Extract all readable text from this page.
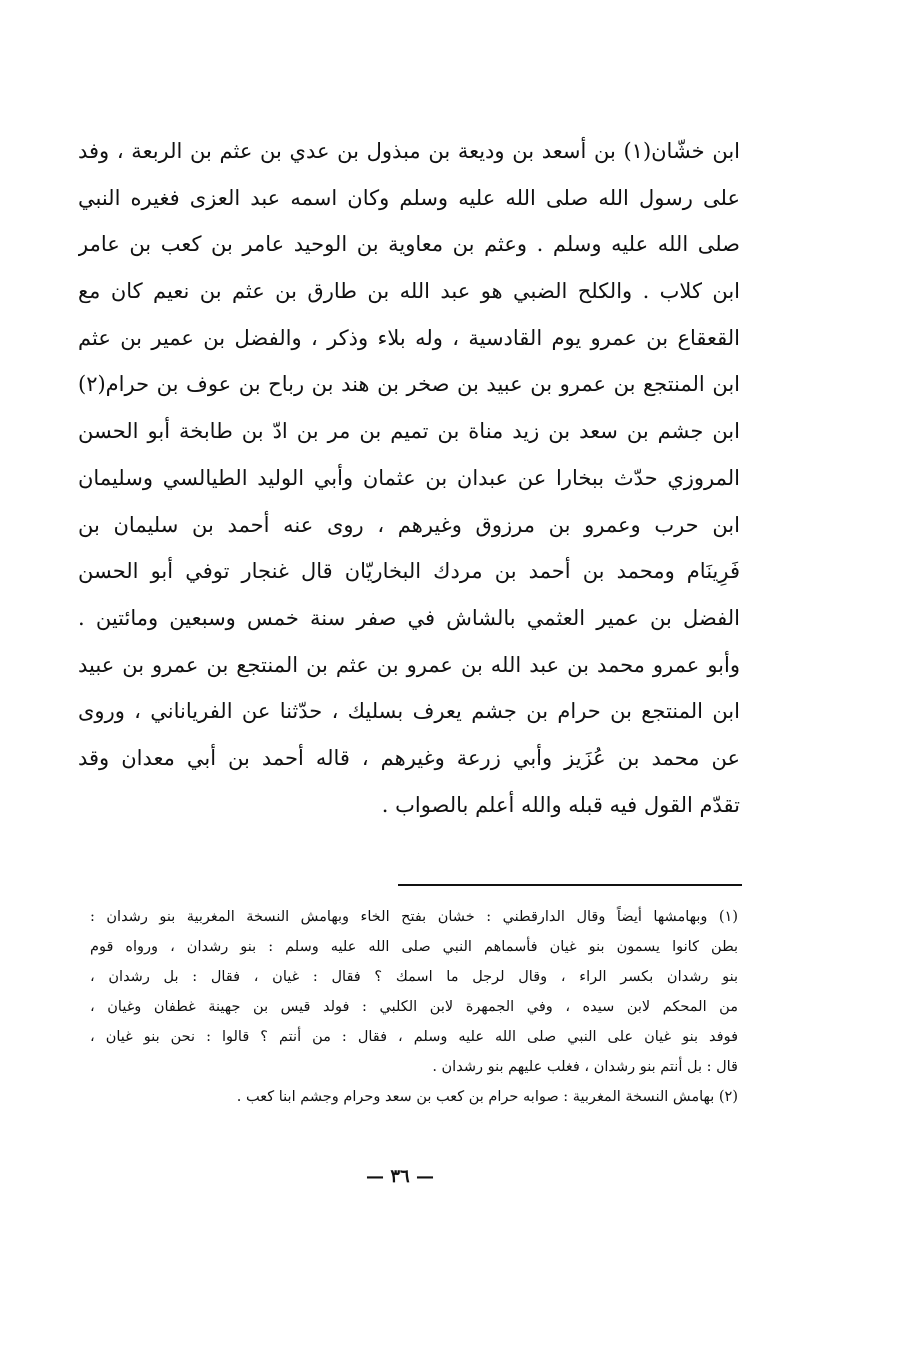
ابن خشّان(١) بن أسعد بن وديعة بن مبذول بن عدي بن عثم بن الربعة ، وفد
على رسول الله صلى الله عليه وسلم وكان اسمه عبد العزى فغيره النبي
صلى الله عليه وسلم . وعثم بن معاوية بن الوحيد عامر بن كعب بن عامر
ابن كلاب . والكلح الضبي هو عبد الله بن طارق بن عثم بن نعيم كان مع
القعقاع بن عمرو يوم القادسية ، وله بلاء وذكر ، والفضل بن عمير بن عثم
ابن المنتجع بن عمرو بن عبيد بن صخر بن هند بن رباح بن عوف بن حرام(٢)
ابن جشم بن سعد بن زيد مناة بن تميم بن مر بن ادّ بن طابخة أبو الحسن
المروزي حدّث ببخارا عن عبدان بن عثمان وأبي الوليد الطيالسي وسليمان
ابن حرب وعمرو بن مرزوق وغيرهم ، روى عنه أحمد بن سليمان بن
فَرِينَام ومحمد بن أحمد بن مردك البخاريّان قال غنجار توفي أبو الحسن
الفضل بن عمير العثمي بالشاش في صفر سنة خمس وسبعين ومائتين .
وأبو عمرو محمد بن عبد الله بن عمرو بن عثم بن المنتجع بن عمرو بن عبيد
ابن المنتجع بن حرام بن جشم يعرف بسليك ، حدّثنا عن الفرياناني ، وروى
عن محمد بن عُزَيز وأبي زرعة وغيرهم ، قاله أحمد بن أبي معدان وقد
تقدّم القول فيه قبله والله أعلم بالصواب .
(١) وبهامشها أيضاً وقال الدارقطني : خشان بفتح الخاء وبهامش النسخة المغربية بنو رشدان :
بطن كانوا يسمون بنو غيان فأسماهم النبي صلى الله عليه وسلم : بنو رشدان ، ورواه قوم
بنو رشدان بكسر الراء ، وقال لرجل ما اسمك ؟ فقال : غيان ، فقال : بل رشدان ،
من المحكم لابن سيده ، وفي الجمهرة لابن الكلبي : فولد قيس بن جهينة غطفان وغيان ،
فوفد بنو غيان على النبي صلى الله عليه وسلم ، فقال : من أنتم ؟ قالوا : نحن بنو غيان ،
قال : بل أنتم بنو رشدان ، فغلب عليهم بنو رشدان .
(٢) بهامش النسخة المغربية : صوابه حرام بن كعب بن سعد وحرام وجشم ابنا كعب .
— ٣٦ —
